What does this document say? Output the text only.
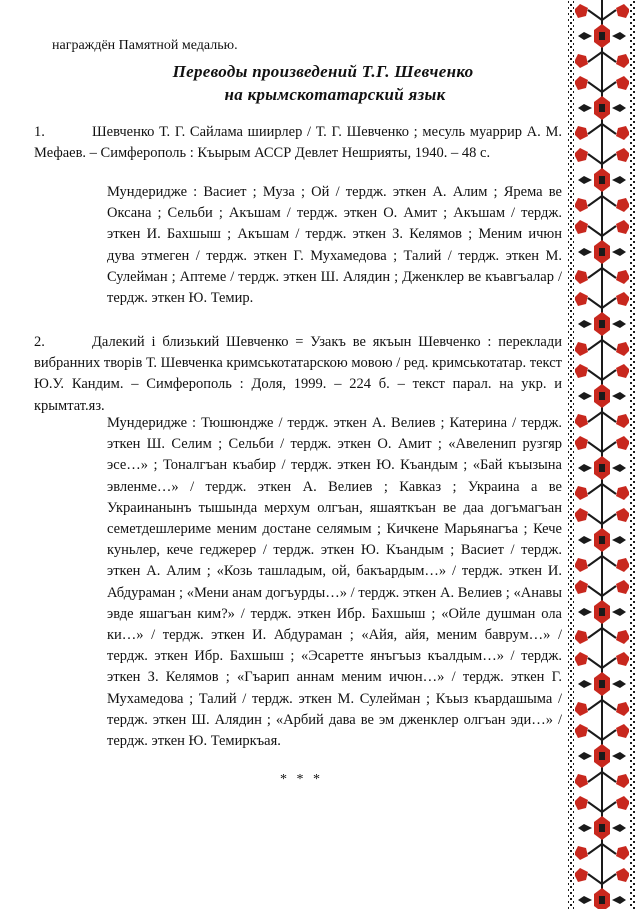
награждён Памятной медалью.
Переводы произведений Т.Г. Шевченко
на крымскотатарский язык
1.	Шевченко Т. Г. Сайлама шиирлер / Т. Г. Шевченко ; месуль муаррир А. М. Мефаев. – Симферополь : Къырым АССР Девлет Нешрияты, 1940. – 48 с.
Мундеридже : Васиет ; Муза ; Ой / тердж. эткен А. Алим ; Ярема ве Оксана ; Сельби ; Акъшам / тердж. эткен О. Амит ; Акъшам / тердж. эткен И. Бахшыш ; Акъшам / тердж. эткен З. Келямов ; Меним ичюн дува этмеген / тердж. эткен Г. Мухамедова ; Талий / тердж. эткен М. Сулейман ; Аптеме / тердж. эткен Ш. Алядин ; Дженклер ве къавгъалар / тердж. эткен Ю. Темир.
2.	Далекий і близький Шевченко = Узакъ ве якъын Шевченко : переклади вибранних творів Т. Шевченка кримськотатарскою мовою / ред. кримськотатар. текст Ю.У. Кандим. – Симферополь : Доля, 1999. – 224 б. – текст парал. на укр. и крымтат.яз.
Мундеридже : Тюшюндже / тердж. эткен А. Велиев ; Катерина / тердж. эткен Ш. Селим ; Сельби / тердж. эткен О. Амит ; «Авеленип рузгяр эсе…» ; Тоналгъан къабир / тердж. эткен Ю. Къандым ; «Бай къызына эвленме…» / тердж. эткен А. Велиев ; Кавказ ; Украина а ве Украинанынъ тышында мерхум олгъан, яшаяткъан ве даа догъмагъан семетдешлериме меним достане селямым ; Кичкене Марьянагъа ; Кече куньлер, кече геджерер / тердж. эткен Ю. Къандым ; Васиет / тердж. эткен А. Алим ; «Козь ташладым, ой, бакъардым…» / тердж. эткен И. Абдураман ; «Мени анам догъурды…» / тердж. эткен А. Велиев ; «Анавы эвде яшагъан ким?» / тердж. эткен Ибр. Бахшыш ; «Ойле душман ола ки…» / тердж. эткен И. Абдураман ; «Айя, айя, меним баврум…» / тердж. эткен Ибр. Бахшыш ; «Эсаретте янъгъыз къалдым…» / тердж. эткен З. Келямов ; «Гъарип аннам меним ичюн…» / тердж. эткен Г. Мухамедова ; Талий / тердж. эткен М. Сулейман ; Къыз къардашыма / тердж. эткен Ш. Алядин ; «Арбий дава ве эм дженклер олгъан эди…» / тердж. эткен Ю. Темиркъая.
* * *
